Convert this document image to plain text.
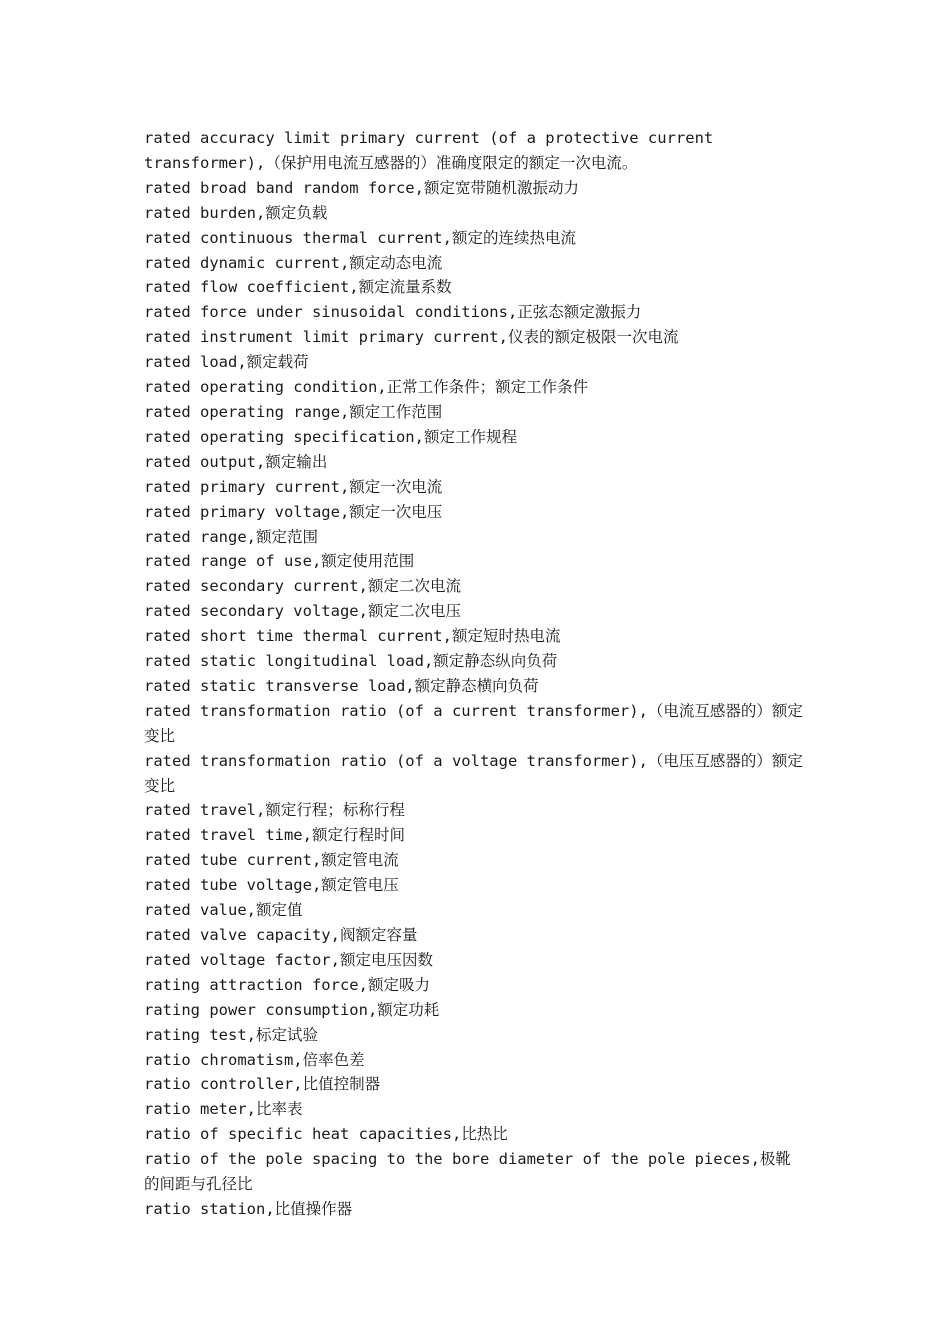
rated accuracy limit primary current (of a protective current transformer),（保护用电流互感器的）准确度限定的额定一次电流。

rated broad band random force,额定宽带随机激振动力

rated burden,额定负载

rated continuous thermal current,额定的连续热电流

rated dynamic current,额定动态电流

rated flow coefficient,额定流量系数

rated force under sinusoidal conditions,正弦态额定激振力

rated instrument limit primary current,仪表的额定极限一次电流

rated load,额定载荷

rated operating condition,正常工作条件；额定工作条件

rated operating range,额定工作范围

rated operating specification,额定工作规程

rated output,额定输出

rated primary current,额定一次电流

rated primary voltage,额定一次电压

rated range,额定范围

rated range of use,额定使用范围

rated secondary current,额定二次电流

rated secondary voltage,额定二次电压

rated short time thermal current,额定短时热电流

rated static longitudinal load,额定静态纵向负荷

rated static transverse load,额定静态横向负荷

rated transformation ratio (of a current transformer),（电流互感器的）额定变比

rated transformation ratio (of a voltage transformer),（电压互感器的）额定变比

rated travel,额定行程；标称行程

rated travel time,额定行程时间

rated tube current,额定管电流

rated tube voltage,额定管电压

rated value,额定值

rated valve capacity,阀额定容量

rated voltage factor,额定电压因数

rating attraction force,额定吸力

rating power consumption,额定功耗

rating test,标定试验

ratio chromatism,倍率色差

ratio controller,比值控制器

ratio meter,比率表

ratio of specific heat capacities,比热比

ratio of the pole spacing to the bore diameter of the pole pieces,极靴的间距与孔径比

ratio station,比值操作器
